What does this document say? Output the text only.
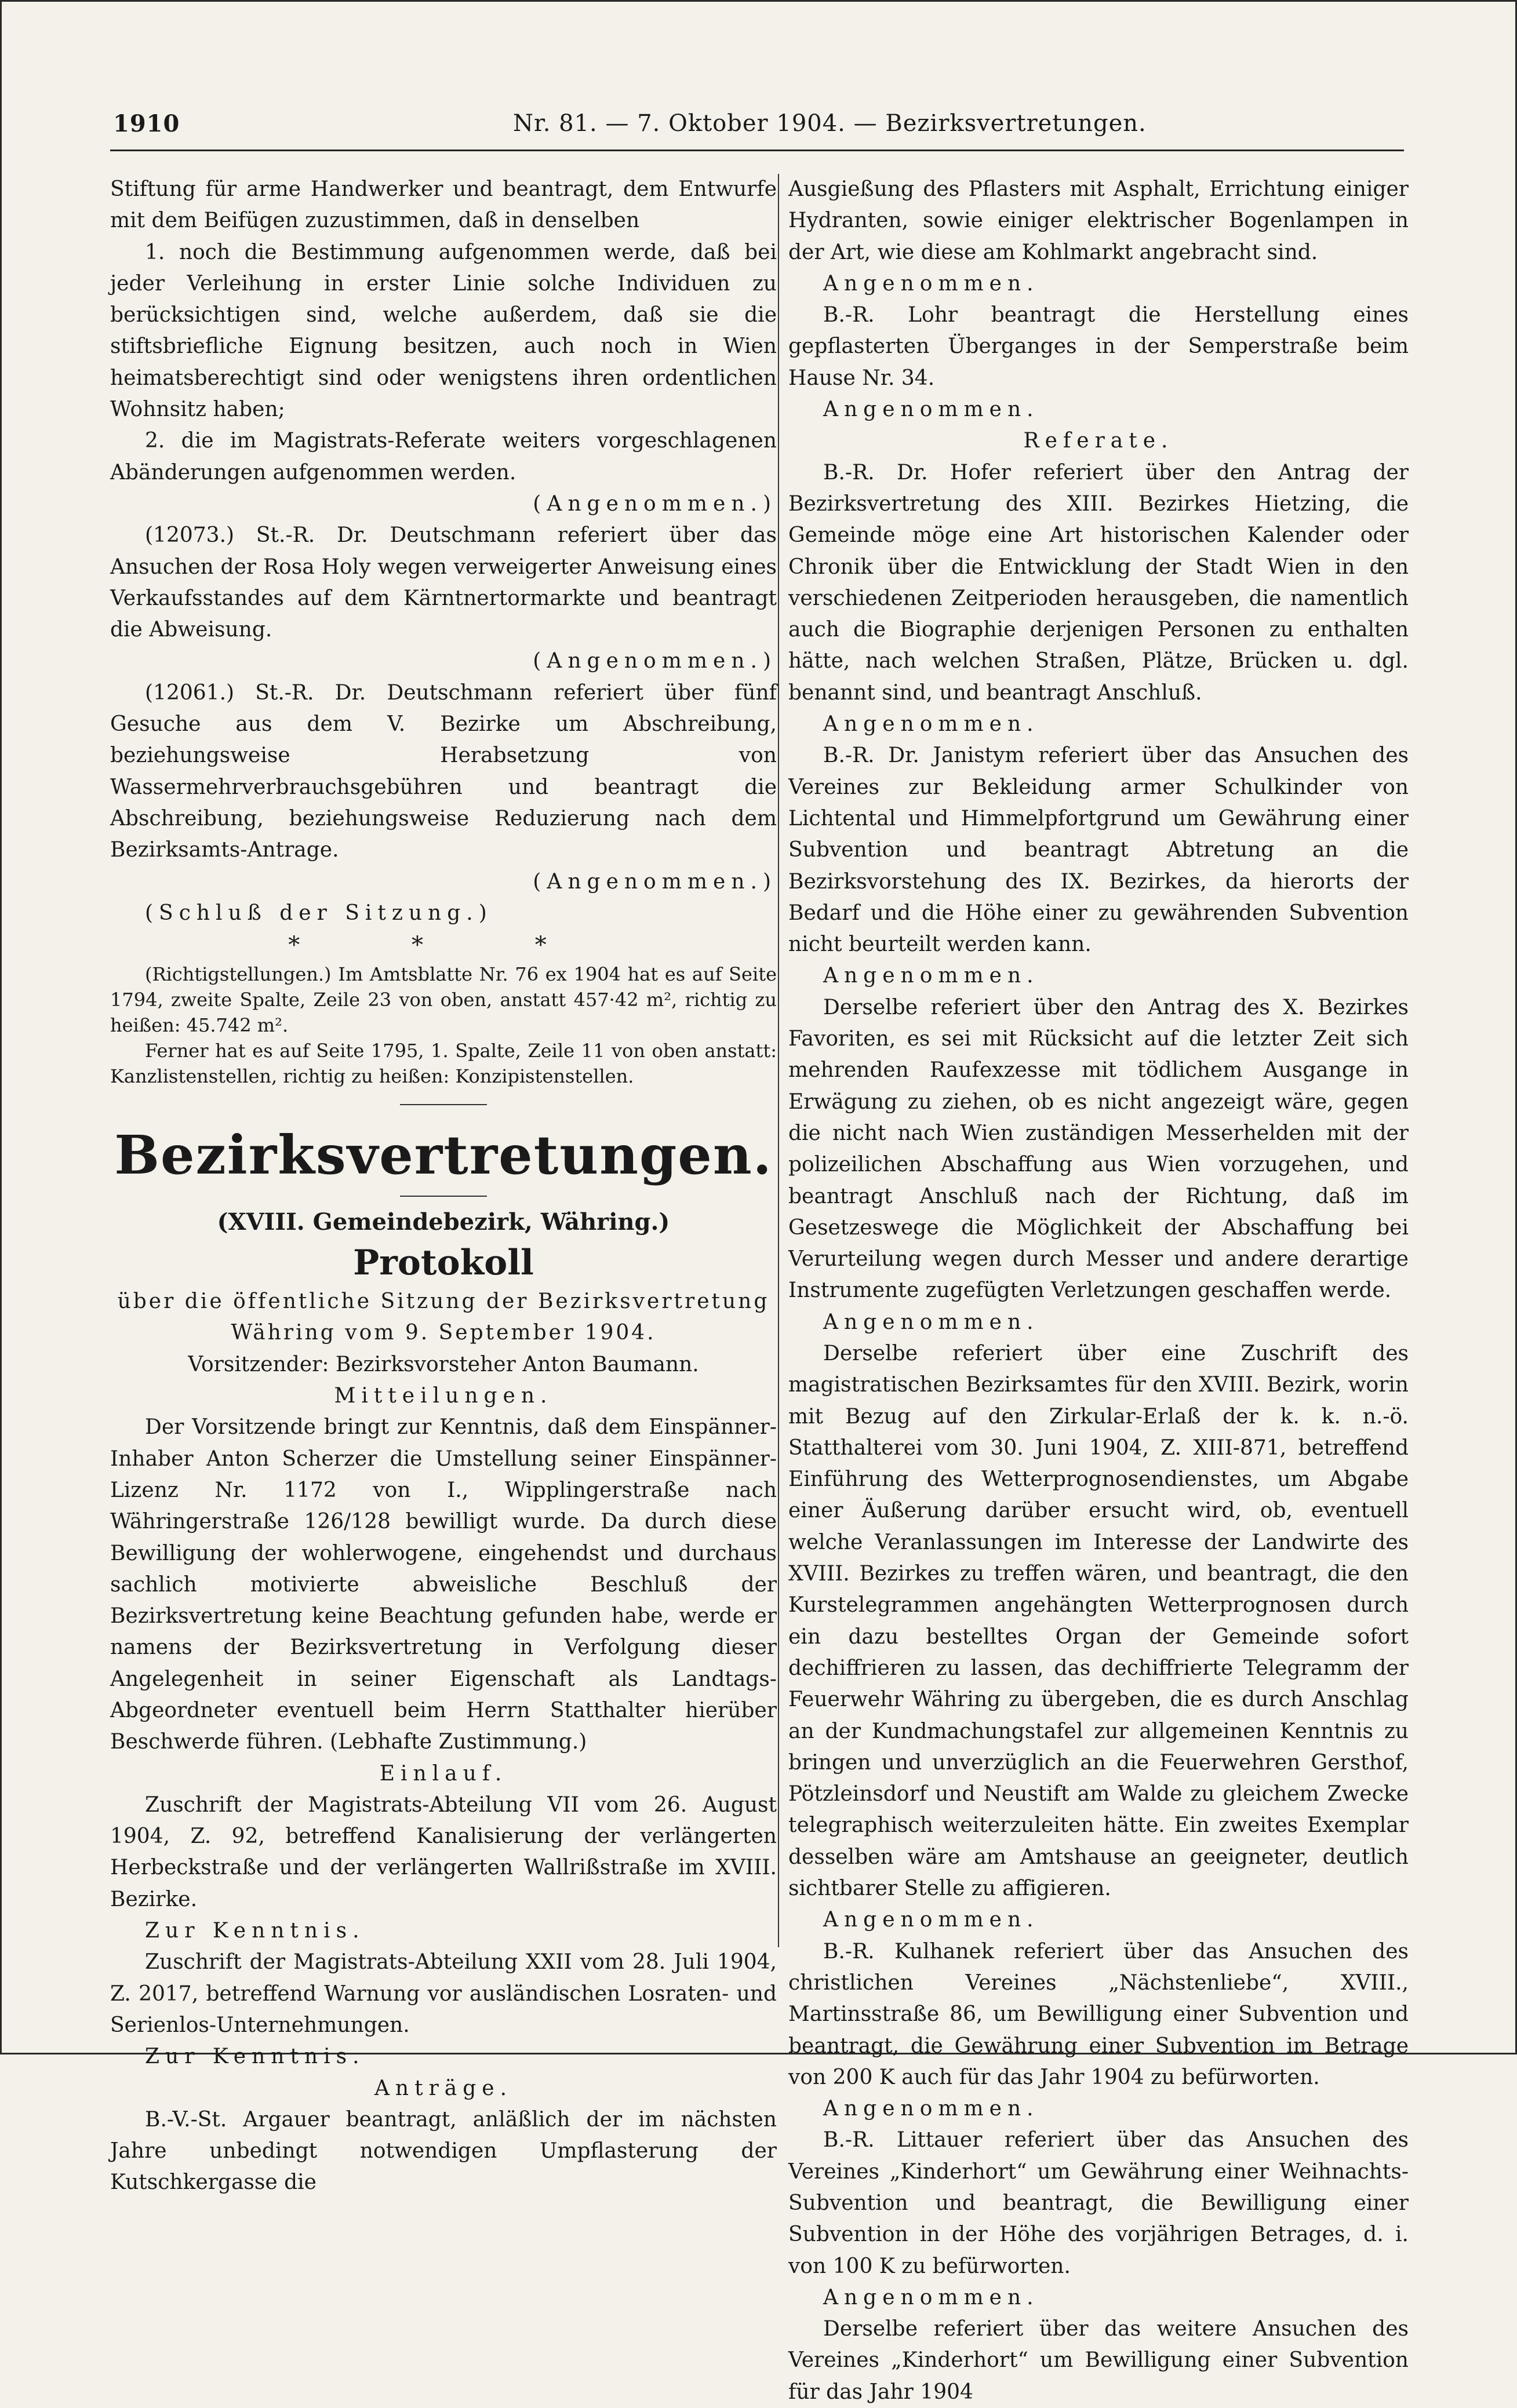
1910	Nr. 81. — 7. Oktober 1904. — Bezirksvertretungen.

Stiftung für arme Handwerker und beantragt, dem Entwurfe mit dem Beifügen zuzustimmen, daß in denselben

1. noch die Bestimmung aufgenommen werde, daß bei jeder Verleihung in erster Linie solche Individuen zu berücksichtigen sind, welche außerdem, daß sie die stiftsbriefliche Eignung besitzen, auch noch in Wien heimatsberechtigt sind oder wenigstens ihren ordentlichen Wohnsitz haben;

2. die im Magistrats-Referate weiters vorgeschlagenen Abänderungen aufgenommen werden.

(Angenommen.)

(12073.) St.-R. Dr. Deutschmann referiert über das Ansuchen der Rosa Holy wegen verweigerter Anweisung eines Verkaufsstandes auf dem Kärntnertormarkte und beantragt die Abweisung.

(Angenommen.)

(12061.) St.-R. Dr. Deutschmann referiert über fünf Gesuche aus dem V. Bezirke um Abschreibung, beziehungsweise Herabsetzung von Wassermehrverbrauchsgebühren und beantragt die Abschreibung, beziehungsweise Reduzierung nach dem Bezirksamts-Antrage.

(Angenommen.)

(Schluß der Sitzung.)

* * *

(Richtigstellungen.) Im Amtsblatte Nr. 76 ex 1904 hat es auf Seite 1794, zweite Spalte, Zeile 23 von oben, anstatt 457·42 m², richtig zu heißen: 45.742 m².

Ferner hat es auf Seite 1795, 1. Spalte, Zeile 11 von oben anstatt: Kanzlistenstellen, richtig zu heißen: Konzipistenstellen.

Bezirksvertretungen.
(XVIII. Gemeindebezirk, Währing.)
Protokoll

über die öffentliche Sitzung der Bezirksvertretung

Währing vom 9. September 1904.

Vorsitzender: Bezirksvorsteher Anton Baumann.

Mitteilungen.

Der Vorsitzende bringt zur Kenntnis, daß dem Einspänner-Inhaber Anton Scherzer die Umstellung seiner Einspänner-Lizenz Nr. 1172 von I., Wipplingerstraße nach Währingerstraße 126/128 bewilligt wurde. Da durch diese Bewilligung der wohlerwogene, eingehendst und durchaus sachlich motivierte abweisliche Beschluß der Bezirksvertretung keine Beachtung gefunden habe, werde er namens der Bezirksvertretung in Verfolgung dieser Angelegenheit in seiner Eigenschaft als Landtags-Abgeordneter eventuell beim Herrn Statthalter hierüber Beschwerde führen. (Lebhafte Zustimmung.)

Einlauf.

Zuschrift der Magistrats-Abteilung VII vom 26. August 1904, Z. 92, betreffend Kanalisierung der verlängerten Herbeckstraße und der verlängerten Wallrißstraße im XVIII. Bezirke.

Zur Kenntnis.

Zuschrift der Magistrats-Abteilung XXII vom 28. Juli 1904, Z. 2017, betreffend Warnung vor ausländischen Losraten- und Serienlos-Unternehmungen.

Zur Kenntnis.

Anträge.

B.-V.-St. Argauer beantragt, anläßlich der im nächsten Jahre unbedingt notwendigen Umpflasterung der Kutschkergasse die

Ausgießung des Pflasters mit Asphalt, Errichtung einiger Hydranten, sowie einiger elektrischer Bogenlampen in der Art, wie diese am Kohlmarkt angebracht sind.

Angenommen.

B.-R. Lohr beantragt die Herstellung eines gepflasterten Überganges in der Semperstraße beim Hause Nr. 34.

Angenommen.

Referate.

B.-R. Dr. Hofer referiert über den Antrag der Bezirksvertretung des XIII. Bezirkes Hietzing, die Gemeinde möge eine Art historischen Kalender oder Chronik über die Entwicklung der Stadt Wien in den verschiedenen Zeitperioden herausgeben, die namentlich auch die Biographie derjenigen Personen zu enthalten hätte, nach welchen Straßen, Plätze, Brücken u. dgl. benannt sind, und beantragt Anschluß.

Angenommen.

B.-R. Dr. Janistym referiert über das Ansuchen des Vereines zur Bekleidung armer Schulkinder von Lichtental und Himmelpfortgrund um Gewährung einer Subvention und beantragt Abtretung an die Bezirksvorstehung des IX. Bezirkes, da hierorts der Bedarf und die Höhe einer zu gewährenden Subvention nicht beurteilt werden kann.

Angenommen.

Derselbe referiert über den Antrag des X. Bezirkes Favoriten, es sei mit Rücksicht auf die letzter Zeit sich mehrenden Raufexzesse mit tödlichem Ausgange in Erwägung zu ziehen, ob es nicht angezeigt wäre, gegen die nicht nach Wien zuständigen Messerhelden mit der polizeilichen Abschaffung aus Wien vorzugehen, und beantragt Anschluß nach der Richtung, daß im Gesetzeswege die Möglichkeit der Abschaffung bei Verurteilung wegen durch Messer und andere derartige Instrumente zugefügten Verletzungen geschaffen werde.

Angenommen.

Derselbe referiert über eine Zuschrift des magistratischen Bezirksamtes für den XVIII. Bezirk, worin mit Bezug auf den Zirkular-Erlaß der k. k. n.-ö. Statthalterei vom 30. Juni 1904, Z. XIII-871, betreffend Einführung des Wetterprognosendienstes, um Abgabe einer Äußerung darüber ersucht wird, ob, eventuell welche Veranlassungen im Interesse der Landwirte des XVIII. Bezirkes zu treffen wären, und beantragt, die den Kurstelegrammen angehängten Wetterprognosen durch ein dazu bestelltes Organ der Gemeinde sofort dechiffrieren zu lassen, das dechiffrierte Telegramm der Feuerwehr Währing zu übergeben, die es durch Anschlag an der Kundmachungstafel zur allgemeinen Kenntnis zu bringen und unverzüglich an die Feuerwehren Gersthof, Pötzleinsdorf und Neustift am Walde zu gleichem Zwecke telegraphisch weiterzuleiten hätte. Ein zweites Exemplar desselben wäre am Amtshause an geeigneter, deutlich sichtbarer Stelle zu affigieren.

Angenommen.

B.-R. Kulhanek referiert über das Ansuchen des christlichen Vereines „Nächstenliebe“, XVIII., Martinsstraße 86, um Bewilligung einer Subvention und beantragt, die Gewährung einer Subvention im Betrage von 200 K auch für das Jahr 1904 zu befürworten.

Angenommen.

B.-R. Littauer referiert über das Ansuchen des Vereines „Kinderhort“ um Gewährung einer Weihnachts-Subvention und beantragt, die Bewilligung einer Subvention in der Höhe des vorjährigen Betrages, d. i. von 100 K zu befürworten.

Angenommen.

Derselbe referiert über das weitere Ansuchen des Vereines „Kinderhort“ um Bewilligung einer Subvention für das Jahr 1904
